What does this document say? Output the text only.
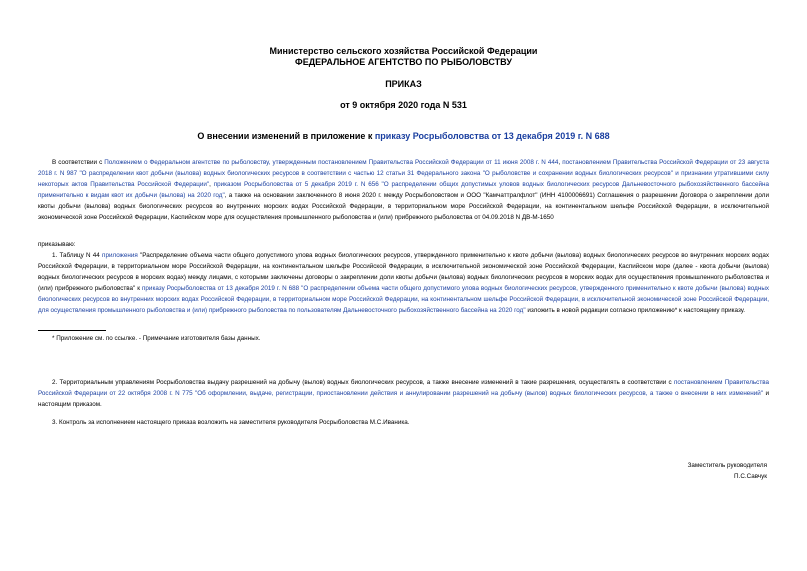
Министерство сельского хозяйства Российской Федерации
ФЕДЕРАЛЬНОЕ АГЕНТСТВО ПО РЫБОЛОВСТВУ
ПРИКАЗ
от 9 октября 2020 года N 531
О внесении изменений в приложение к приказу Росрыболовства от 13 декабря 2019 г. N 688

В соответствии с Положением о Федеральном агентстве по рыболовству, утвержденным постановлением Правительства Российской Федерации от 11 июня 2008 г. N 444, постановлением Правительства Российской Федерации от 23 августа 2018 г. N 987 "О распределении квот добычи (вылова) водных биологических ресурсов в соответствии с частью 12 статьи 31 Федерального закона "О рыболовстве и сохранении водных биологических ресурсов" и признании утратившими силу некоторых актов Правительства Российской Федерации", приказом Росрыболовства от 5 декабря 2019 г. N 656 "О распределении общих допустимых уловов водных биологических ресурсов Дальневосточного рыбохозяйственного бассейна применительно к видам квот их добычи (вылова) на 2020 год", а также на основании заключенного 8 июня 2020 г. между Росрыболовством и ООО "Камчаттралфлот" (ИНН 4100006691) Соглашения о разрешении Договора о закреплении доли квоты добычи (вылова) водных биологических ресурсов во внутренних морских водах Российской Федерации, в территориальном море Российской Федерации, на континентальном шельфе Российской Федерации, в исключительной экономической зоне Российской Федерации, Каспийском море для осуществления промышленного рыболовства и (или) прибрежного рыболовства от 04.09.2018 N ДВ-М-1650

приказываю:

1. Таблицу N 44 приложения "Распределение объема части общего допустимого улова водных биологических ресурсов, утвержденного применительно к квоте добычи (вылова) водных биологических ресурсов во внутренних морских водах Российской Федерации, в территориальном море Российской Федерации, на континентальном шельфе Российской Федерации, в исключительной экономической зоне Российской Федерации, Каспийском море (далее - квота добычи (вылова) водных биологических ресурсов в морских водах) между лицами, с которыми заключены договоры о закреплении доли квоты добычи (вылова) водных биологических ресурсов в морских водах для осуществления промышленного рыболовства и (или) прибрежного рыболовства" к приказу Росрыболовства от 13 декабря 2019 г. N 688 "О распределении объема части общего допустимого улова водных биологических ресурсов, утвержденного применительно к квоте добычи (вылова) водных биологических ресурсов во внутренних морских водах Российской Федерации, в территориальном море Российской Федерации, на континентальном шельфе Российской Федерации, в исключительной экономической зоне Российской Федерации, для осуществления промышленного рыболовства и (или) прибрежного рыболовства по пользователям Дальневосточного рыбохозяйственного бассейна на 2020 год" изложить в новой редакции согласно приложению* к настоящему приказу.

* Приложение см. по ссылке. - Примечание изготовителя базы данных.

2. Территориальным управлениям Росрыболовства выдачу разрешений на добычу (вылов) водных биологических ресурсов, а также внесение изменений в такие разрешения, осуществлять в соответствии с постановлением Правительства Российской Федерации от 22 октября 2008 г. N 775 "Об оформлении, выдаче, регистрации, приостановлении действия и аннулировании разрешений на добычу (вылов) водных биологических ресурсов, а также о внесении в них изменений" и настоящим приказом.

3. Контроль за исполнением настоящего приказа возложить на заместителя руководителя Росрыболовства М.С.Иваника.

Заместитель руководителя
П.С.Савчук
